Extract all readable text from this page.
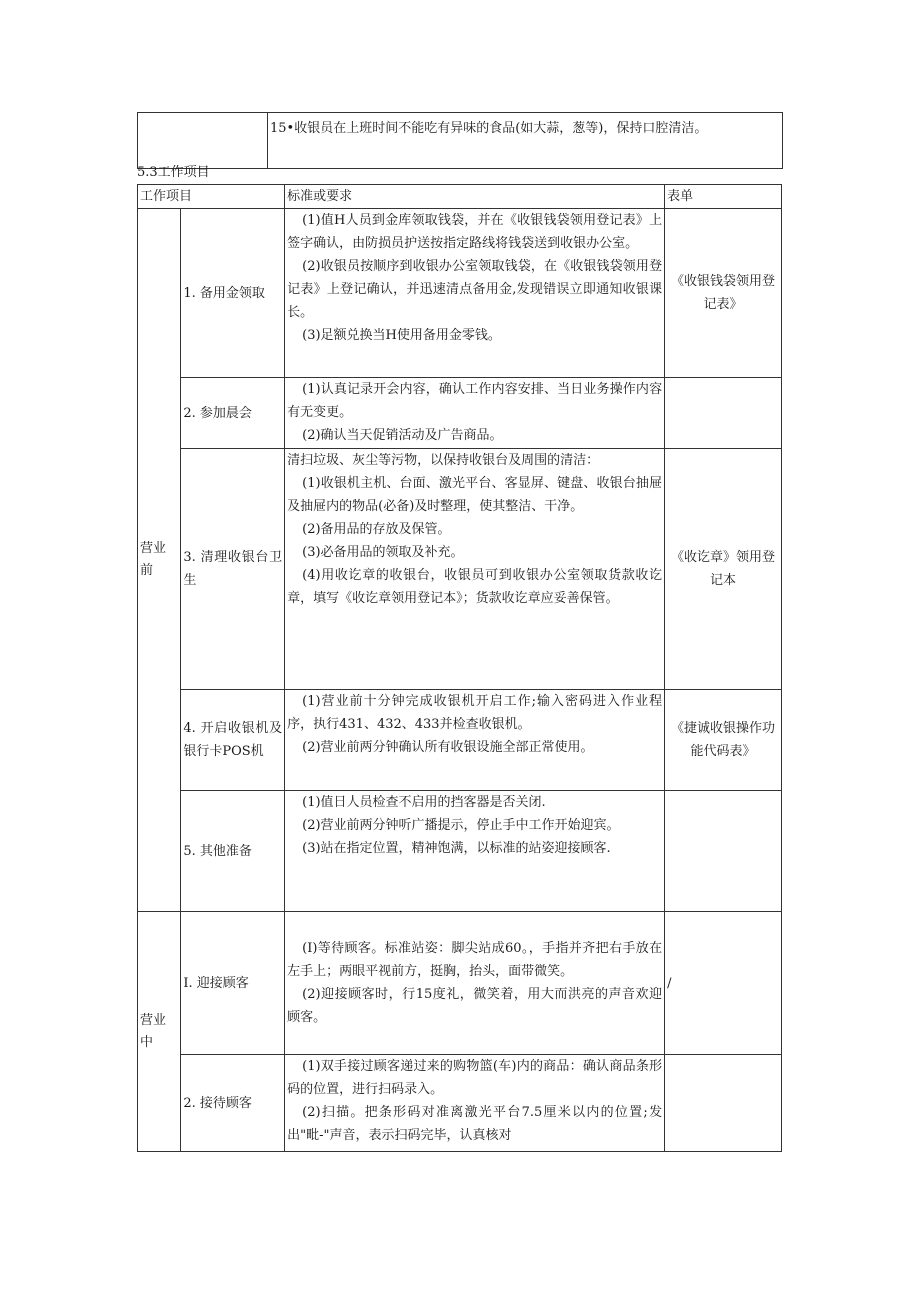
	15•收银员在上班时间不能吃有异味的食品(如大蒜，葱等)，保持口腔清洁。
5.3工作项目
工作项目		标准或要求	表单
营业前	1. 备用金领取	(1)值H人员到金库领取钱袋，并在《收银钱袋领用登记表》上签字确认，由防损员护送按指定路线将钱袋送到收银办公室。

(2)收银员按顺序到收银办公室领取钱袋，在《收银钱袋领用登记表》上登记确认，并迅速清点备用金,发现错误立即通知收银课长。

(3)足额兑换当H使用备用金零钱。	《收银钱袋领用登记表》
	2. 参加晨会	(1)认真记录开会内容，确认工作内容安排、当日业务操作内容有无变更。

(2)确认当天促销活动及广告商品。	

	3. 清理收银台卫生	清扫垃圾、灰尘等污物，以保持收银台及周围的清洁：

(1)收银机主机、台面、激光平台、客显屏、键盘、收银台抽屉及抽屉内的物品(必备)及时整理，使其整洁、干净。

(2)备用品的存放及保管。

(3)必备用品的领取及补充。

(4)用收讫章的收银台，收银员可到收银办公室领取货款收讫章，填写《收讫章领用登记本》；货款收讫章应妥善保管。	《收讫章》领用登记本
	4. 开启收银机及银行卡POS机	(1)营业前十分钟完成收银机开启工作;输入密码进入作业程序，执行431、432、433并检查收银机。

(2)营业前两分钟确认所有收银设施全部正常使用。	《捷诚收银操作功能代码表》
	5. 其他准备	(1)值日人员检查不启用的挡客器是否关闭.

(2)营业前两分钟听广播提示，停止手中工作开始迎宾。

(3)站在指定位置，精神饱满，以标准的站姿迎接顾客.	

营业中	I. 迎接顾客	(I)等待顾客。标准站姿：脚尖站成60。，手指并齐把右手放在左手上；两眼平视前方，挺胸，抬头，面带微笑。

(2)迎接顾客时，行15度礼，微笑着，用大而洪亮的声音欢迎顾客。	/
	2. 接待顾客	(1)双手接过顾客递过来的购物篮(车)内的商品：确认商品条形码的位置，进行扫码录入。

(2)扫描。把条形码对准离激光平台7.5厘米以内的位置;发出"毗-"声音，表示扫码完毕，认真核对	
